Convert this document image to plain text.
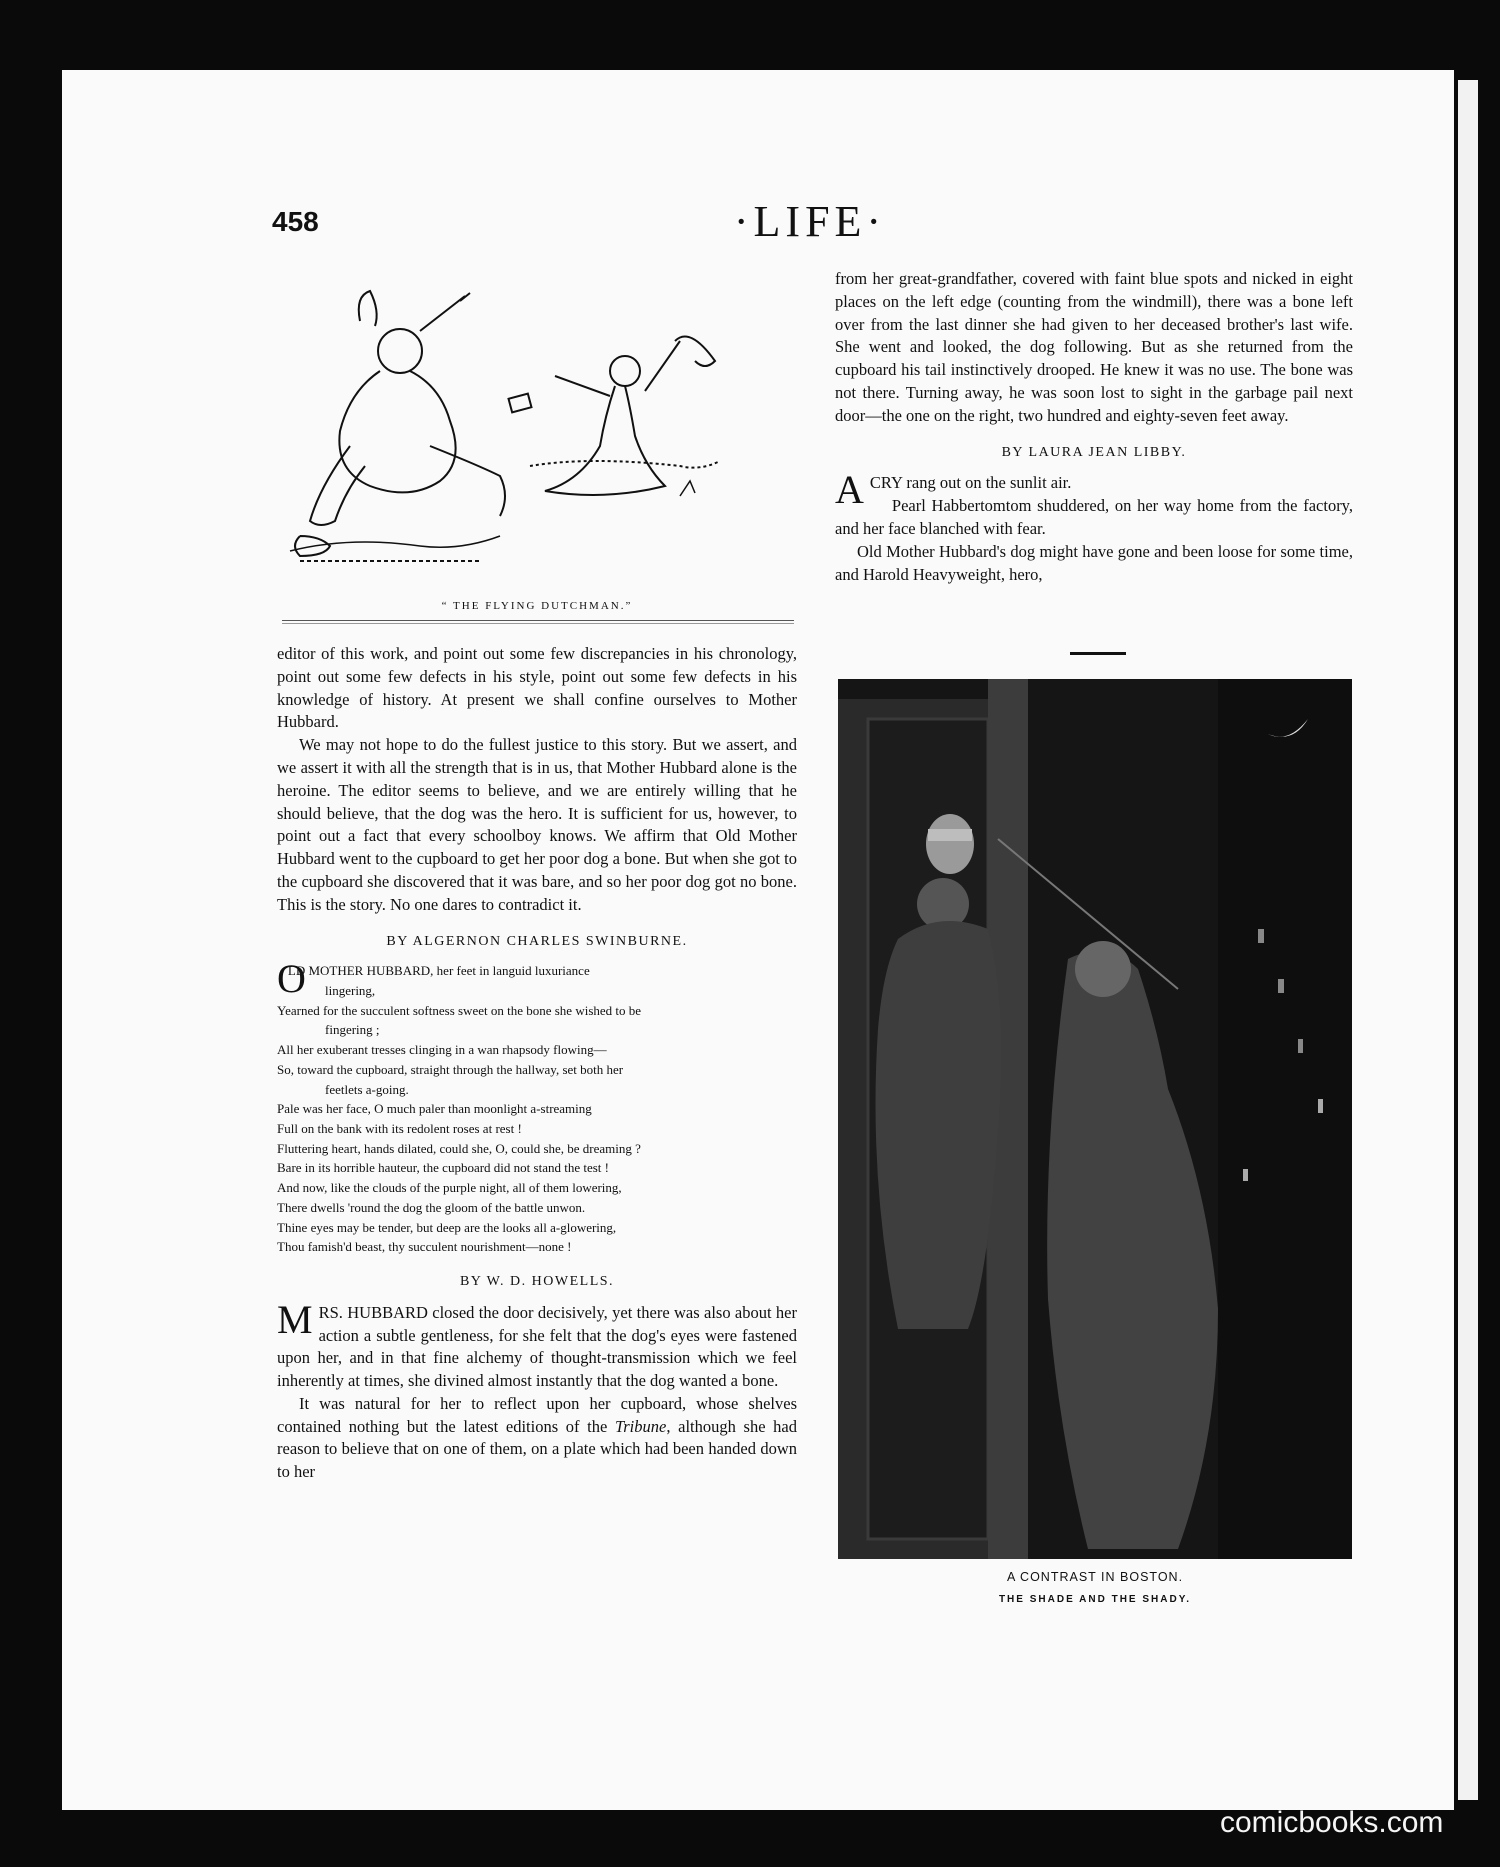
458	·LIFE·
“ THE FLYING DUTCHMAN.”

editor of this work, and point out some few discrepancies in his chronology, point out some few defects in his style, point out some few defects in his knowledge of history. At present we shall confine ourselves to Mother Hubbard.

We may not hope to do the fullest justice to this story. But we assert, and we assert it with all the strength that is in us, that Mother Hubbard alone is the heroine. The editor seems to believe, and we are entirely willing that he should believe, that the dog was the hero. It is sufficient for us, however, to point out a fact that every schoolboy knows. We affirm that Old Mother Hubbard went to the cupboard to get her poor dog a bone. But when she got to the cupboard she discovered that it was bare, and so her poor dog got no bone. This is the story. No one dares to contradict it.

BY ALGERNON CHARLES SWINBURNE.
O
LD MOTHER HUBBARD, her feet in languid luxuriance
lingering,
Yearned for the succulent softness sweet on the bone she wished to be
fingering ;
All her exuberant tresses clinging in a wan rhapsody flowing—
So, toward the cupboard, straight through the hallway, set both her
feetlets a-going.
Pale was her face, O much paler than moonlight a-streaming
Full on the bank with its redolent roses at rest !
Fluttering heart, hands dilated, could she, O, could she, be dreaming ?
Bare in its horrible hauteur, the cupboard did not stand the test !
And now, like the clouds of the purple night, all of them lowering,
There dwells 'round the dog the gloom of the battle unwon.
Thine eyes may be tender, but deep are the looks all a-glowering,
Thou famish'd beast, thy succulent nourishment—none !
BY W. D. HOWELLS.

MRS. HUBBARD closed the door decisively, yet there was also about her action a subtle gentleness, for she felt that the dog's eyes were fastened upon her, and in that fine alchemy of thought-transmission which we feel inherently at times, she divined almost instantly that the dog wanted a bone.

It was natural for her to reflect upon her cupboard, whose shelves contained nothing but the latest editions of the Tribune, although she had reason to believe that on one of them, on a plate which had been handed down to her

from her great-grandfather, covered with faint blue spots and nicked in eight places on the left edge (counting from the windmill), there was a bone left over from the last dinner she had given to her deceased brother's last wife. She went and looked, the dog following. But as she returned from the cupboard his tail instinctively drooped. He knew it was no use. The bone was not there. Turning away, he was soon lost to sight in the garbage pail next door—the one on the right, two hundred and eighty-seven feet away.

BY LAURA JEAN LIBBY.

ACRY rang out on the sunlit air.

Pearl Habbertomtom shuddered, on her way home from the factory, and her face blanched with fear.

Old Mother Hubbard's dog might have gone and been loose for some time, and Harold Heavyweight, hero,

A CONTRAST IN BOSTON.
THE SHADE AND THE SHADY.
comicbooks.com
